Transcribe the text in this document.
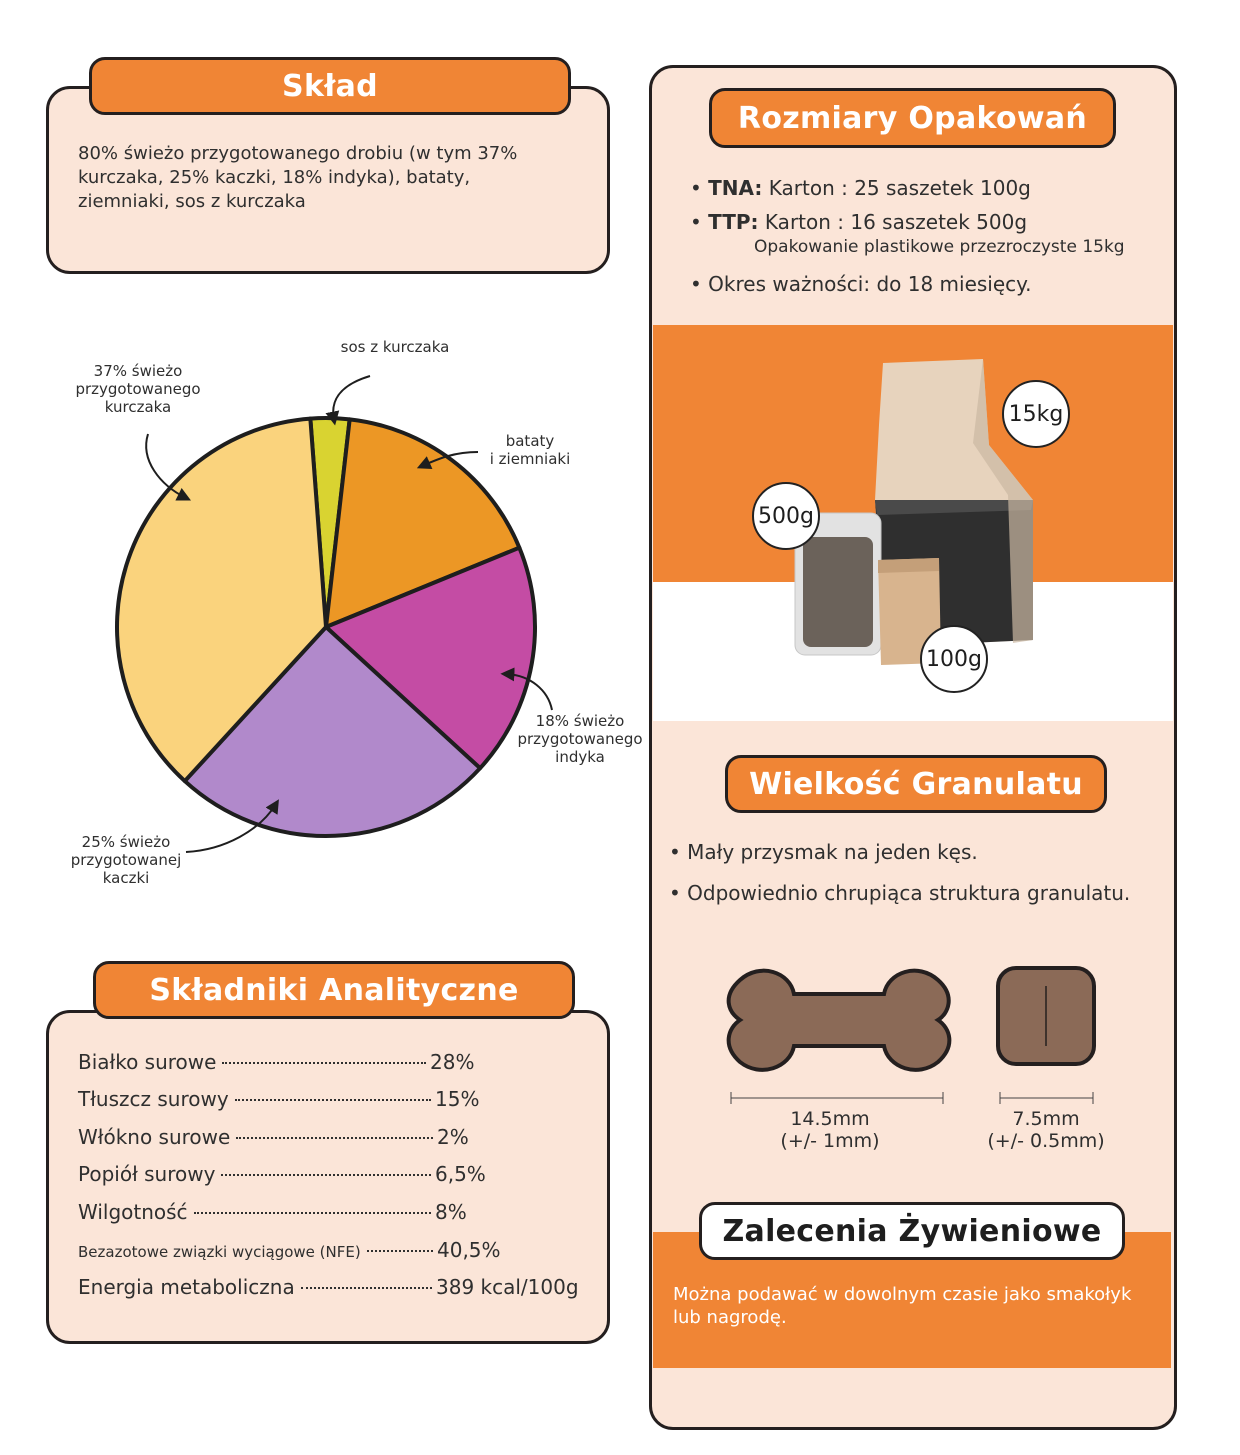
Skład
80% świeżo przygotowanego drobiu (w tym 37% kurczaka, 25% kaczki, 18% indyka), bataty, ziemniaki, sos z kurczaka
sos z kurczaka
37% świeżo
przygotowanego
kurczaka
bataty
i ziemniaki
18% świeżo
przygotowanego
indyka
25% świeżo
przygotowanej
kaczki
Składniki Analityczne
Białko surowe	28%
Tłuszcz surowy	15%
Włókno surowe	2%
Popiół surowy	6,5%
Wilgotność	8%
Bezazotowe związki wyciągowe (NFE)	40,5%
Energia metaboliczna	389 kcal/100g
Rozmiary Opakowań
• TNA: Karton : 25 saszetek 100g
• TTP: Karton : 16 saszetek 500g
Opakowanie plastikowe przezroczyste 15kg
• Okres ważności: do 18 miesięcy.
15kg
500g
100g
Wielkość Granulatu
• Mały przysmak na jeden kęs.
• Odpowiednio chrupiąca struktura granulatu.
14.5mm
(+/- 1mm)
7.5mm
(+/- 0.5mm)
Zalecenia Żywieniowe
Można podawać w dowolnym czasie jako smakołyk lub nagrodę.
